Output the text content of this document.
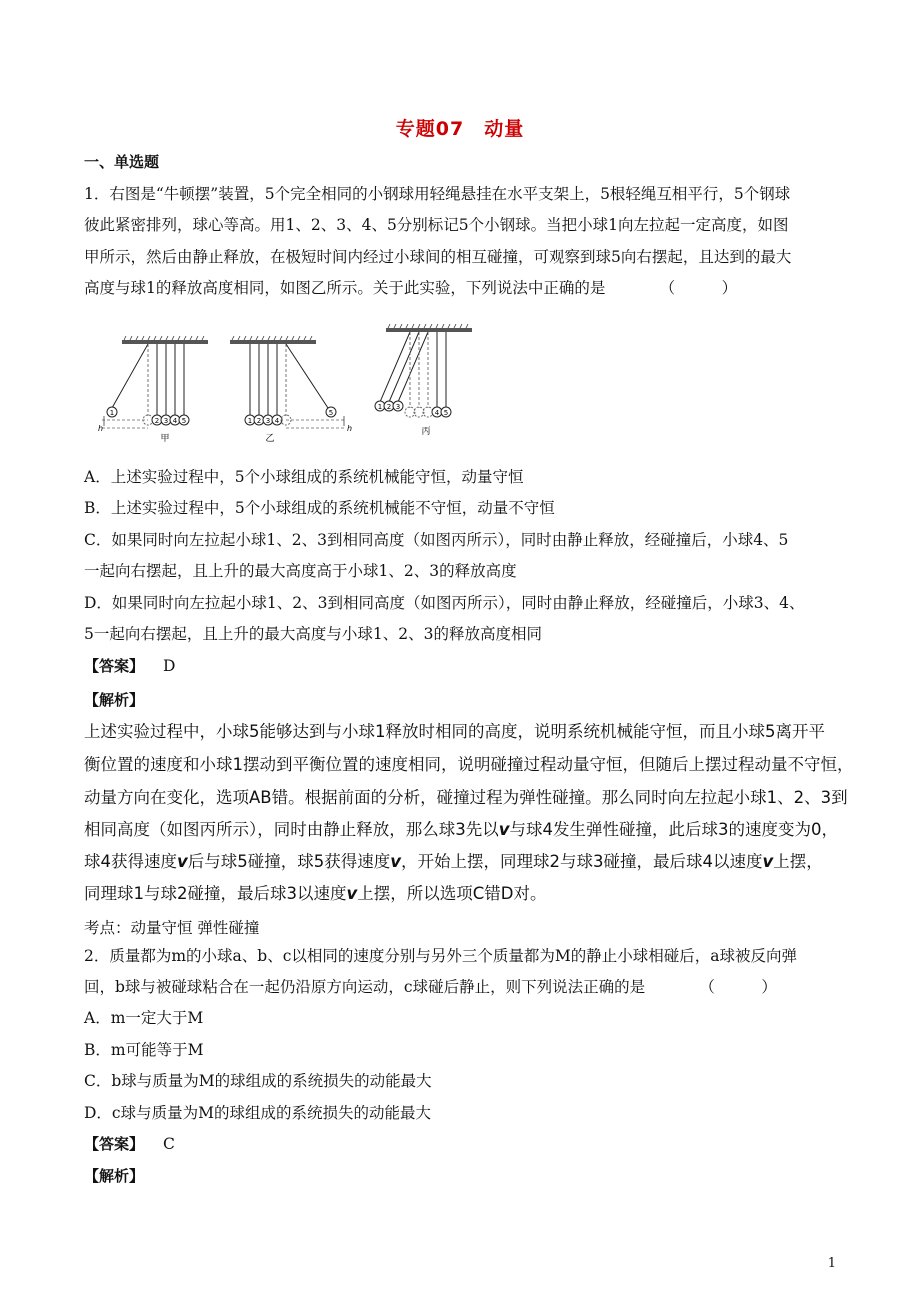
专题07　动量
一、单选题
1．右图是“牛顿摆”装置，5个完全相同的小钢球用轻绳悬挂在水平支架上，5根轻绳互相平行，5个钢球
彼此紧密排列，球心等高。用1、2、3、4、5分别标记5个小钢球。当把小球1向左拉起一定高度，如图
甲所示，然后由静止释放，在极短时间内经过小球间的相互碰撞，可观察到球5向右摆起，且达到的最大
高度与球1的释放高度相同，如图乙所示。关于此实验，下列说法中正确的是　　　　（　　　）
1
2 3 4 5
h
甲
1 2 3 4
5
h
乙
1 2 3
4 5
丙
A．上述实验过程中，5个小球组成的系统机械能守恒，动量守恒
B．上述实验过程中，5个小球组成的系统机械能不守恒，动量不守恒
C．如果同时向左拉起小球1、2、3到相同高度（如图丙所示），同时由静止释放，经碰撞后，小球4、5
一起向右摆起，且上升的最大高度高于小球1、2、3的释放高度
D．如果同时向左拉起小球1、2、3到相同高度（如图丙所示），同时由静止释放，经碰撞后，小球3、4、
5一起向右摆起，且上升的最大高度与小球1、2、3的释放高度相同
【答案】 D
【解析】
上述实验过程中，小球5能够达到与小球1释放时相同的高度，说明系统机械能守恒，而且小球5离开平
衡位置的速度和小球1摆动到平衡位置的速度相同，说明碰撞过程动量守恒，但随后上摆过程动量不守恒，
动量方向在变化，选项AB错。根据前面的分析，碰撞过程为弹性碰撞。那么同时向左拉起小球1、2、3到
相同高度（如图丙所示），同时由静止释放，那么球3先以v与球4发生弹性碰撞，此后球3的速度变为0，
球4获得速度v后与球5碰撞，球5获得速度v，开始上摆，同理球2与球3碰撞，最后球4以速度v上摆，
同理球1与球2碰撞，最后球3以速度v上摆，所以选项C错D对。
考点：动量守恒 弹性碰撞
2．质量都为m的小球a、b、c以相同的速度分别与另外三个质量都为M的静止小球相碰后，a球被反向弹
回，b球与被碰球粘合在一起仍沿原方向运动，c球碰后静止，则下列说法正确的是　　　　（　　　）
A．m一定大于M
B．m可能等于M
C．b球与质量为M的球组成的系统损失的动能最大
D．c球与质量为M的球组成的系统损失的动能最大
【答案】 C
【解析】
1
